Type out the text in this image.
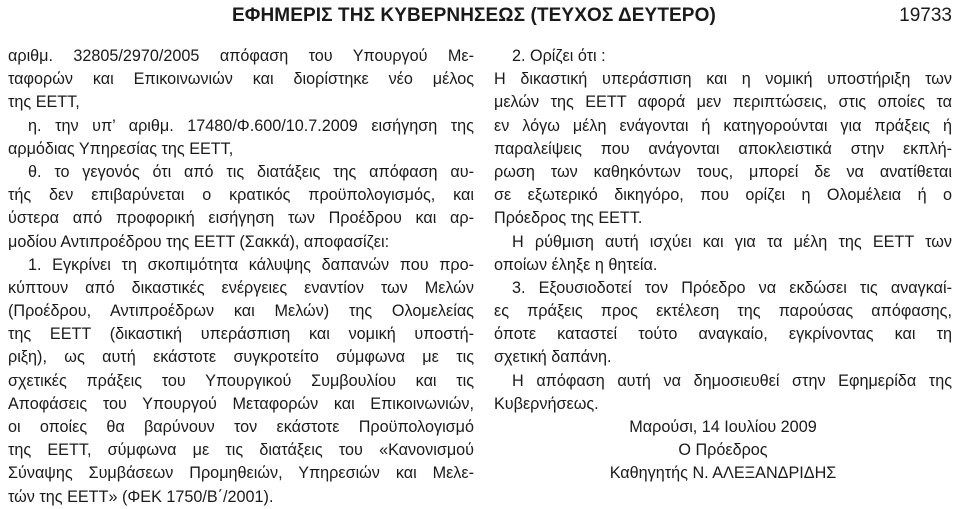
ΕΦΗΜΕΡΙΣ ΤΗΣ ΚΥΒΕΡΝΗΣΕΩΣ (ΤΕΥΧΟΣ ΔΕΥΤΕΡΟ)	19733
αριθμ. 32805/2970/2005 απόφαση του Υπουργού Με-
ταφορών και Επικοινωνιών και διορίστηκε νέο μέλος
της ΕΕΤΤ,
η. την υπ’ αριθμ. 17480/Φ.600/10.7.2009 εισήγηση της
αρμόδιας Υπηρεσίας της ΕΕΤΤ,
θ. το γεγονός ότι από τις διατάξεις της απόφαση αυ-
τής δεν επιβαρύνεται ο κρατικός προϋπολογισμός, και
ύστερα από προφορική εισήγηση των Προέδρου και αρ-
μοδίου Αντιπροέδρου της ΕΕΤΤ (Σακκά), αποφασίζει:
1. Εγκρίνει τη σκοπιμότητα κάλυψης δαπανών που προ-
κύπτουν από δικαστικές ενέργειες εναντίον των Μελών
(Προέδρου, Αντιπροέδρων και Μελών) της Ολομελείας
της ΕΕΤΤ (δικαστική υπεράσπιση και νομική υποστή-
ριξη), ως αυτή εκάστοτε συγκροτείτο σύμφωνα με τις
σχετικές πράξεις του Υπουργικού Συμβουλίου και τις
Αποφάσεις του Υπουργού Μεταφορών και Επικοινωνιών,
οι οποίες θα βαρύνουν τον εκάστοτε Προϋπολογισμό
της ΕΕΤΤ, σύμφωνα με τις διατάξεις του «Κανονισμού
Σύναψης Συμβάσεων Προμηθειών, Υπηρεσιών και Μελε-
τών της ΕΕΤΤ» (ΦΕΚ 1750/Β΄/2001).
2. Ορίζει ότι :
Η δικαστική υπεράσπιση και η νομική υποστήριξη των
μελών της ΕΕΤΤ αφορά μεν περιπτώσεις, στις οποίες τα
εν λόγω μέλη ενάγονται ή κατηγορούνται για πράξεις ή
παραλείψεις που ανάγονται αποκλειστικά στην εκπλή-
ρωση των καθηκόντων τους, μπορεί δε να ανατίθεται
σε εξωτερικό δικηγόρο, που ορίζει η Ολομέλεια ή ο
Πρόεδρος της ΕΕΤΤ.
Η ρύθμιση αυτή ισχύει και για τα μέλη της ΕΕΤΤ των
οποίων έληξε η θητεία.
3. Εξουσιοδοτεί τον Πρόεδρο να εκδώσει τις αναγκαί-
ες πράξεις προς εκτέλεση της παρούσας απόφασης,
όποτε καταστεί τούτο αναγκαίο, εγκρίνοντας και τη
σχετική δαπάνη.
Η απόφαση αυτή να δημοσιευθεί στην Εφημερίδα της
Κυβερνήσεως.
Μαρούσι, 14 Ιουλίου 2009
Ο Πρόεδρος
Καθηγητής Ν. ΑΛΕΞΑΝΔΡΙΔΗΣ
